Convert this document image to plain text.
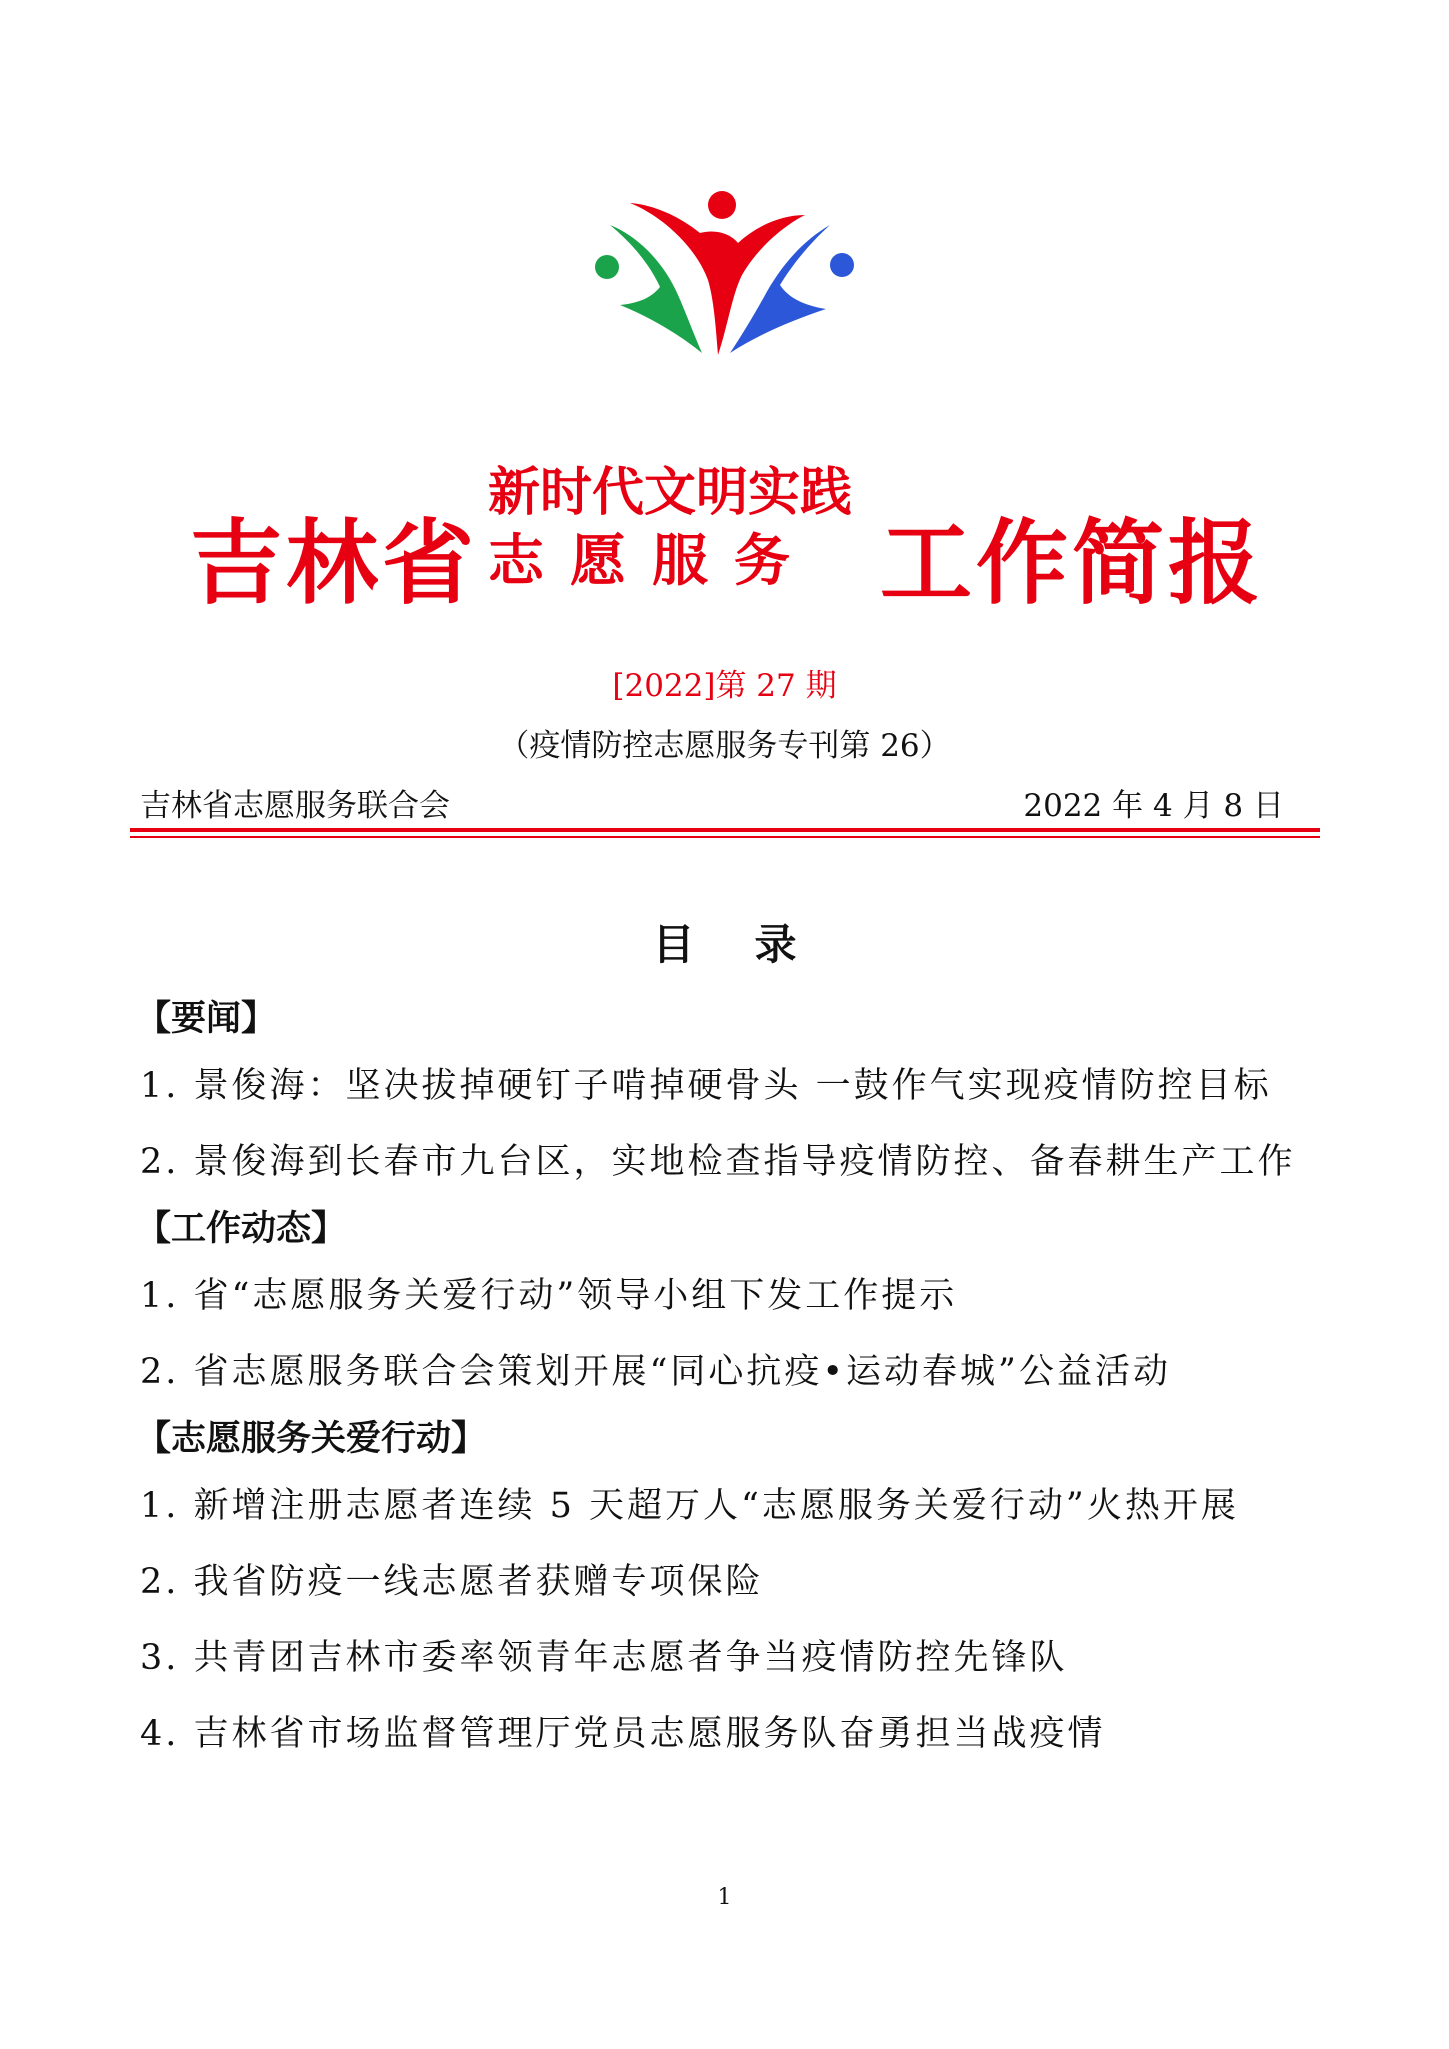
吉林省
新时代文明实践
志愿服务 工作简报
[2022]第 27 期
（疫情防控志愿服务专刊第 26）
吉林省志愿服务联合会	2022 年 4 月 8 日
目录
【要闻】
1. 景俊海：坚决拔掉硬钉子啃掉硬骨头 一鼓作气实现疫情防控目标
2. 景俊海到长春市九台区，实地检查指导疫情防控、备春耕生产工作
【工作动态】
1. 省“志愿服务关爱行动”领导小组下发工作提示
2. 省志愿服务联合会策划开展“同心抗疫•运动春城”公益活动
【志愿服务关爱行动】
1. 新增注册志愿者连续 5 天超万人“志愿服务关爱行动”火热开展
2. 我省防疫一线志愿者获赠专项保险
3. 共青团吉林市委率领青年志愿者争当疫情防控先锋队
4. 吉林省市场监督管理厅党员志愿服务队奋勇担当战疫情
1
